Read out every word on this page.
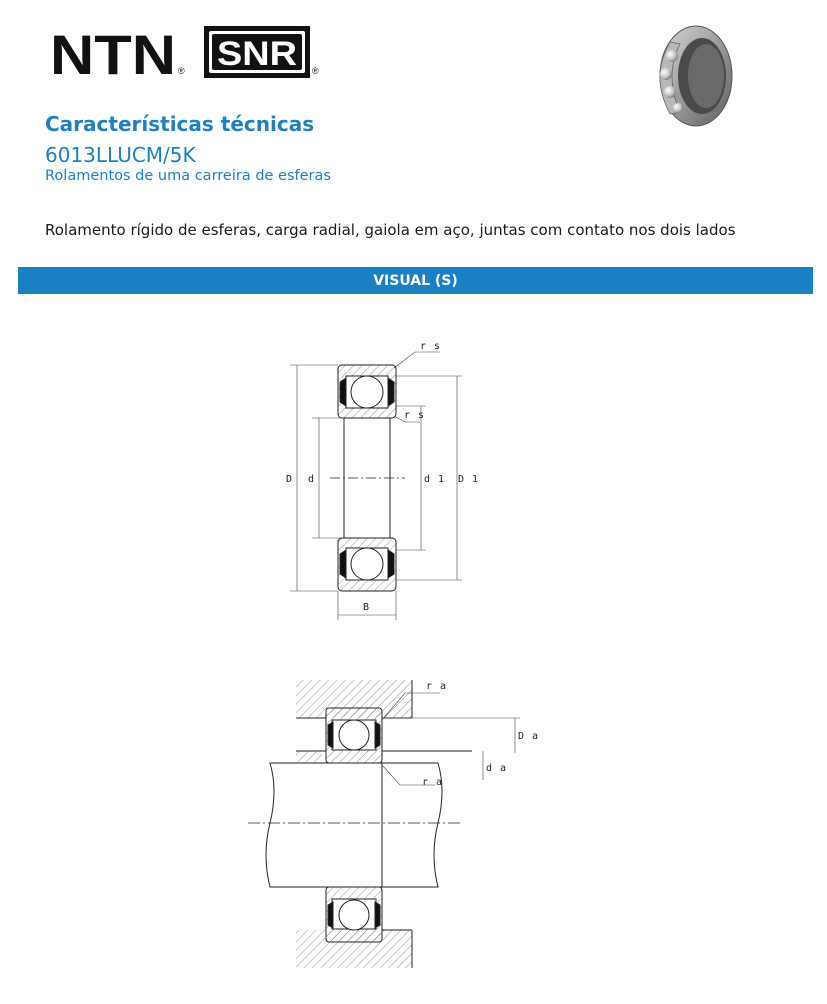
NTN ® SNR ®
Características técnicas
6013LLUCM/5K
Rolamentos de uma carreira de esferas
Rolamento rígido de esferas, carga radial, gaiola em aço, juntas com contato nos dois lados
VISUAL (S)
r s
r s
D d	d 1 D 1
B
r a
D a
d a
r a
